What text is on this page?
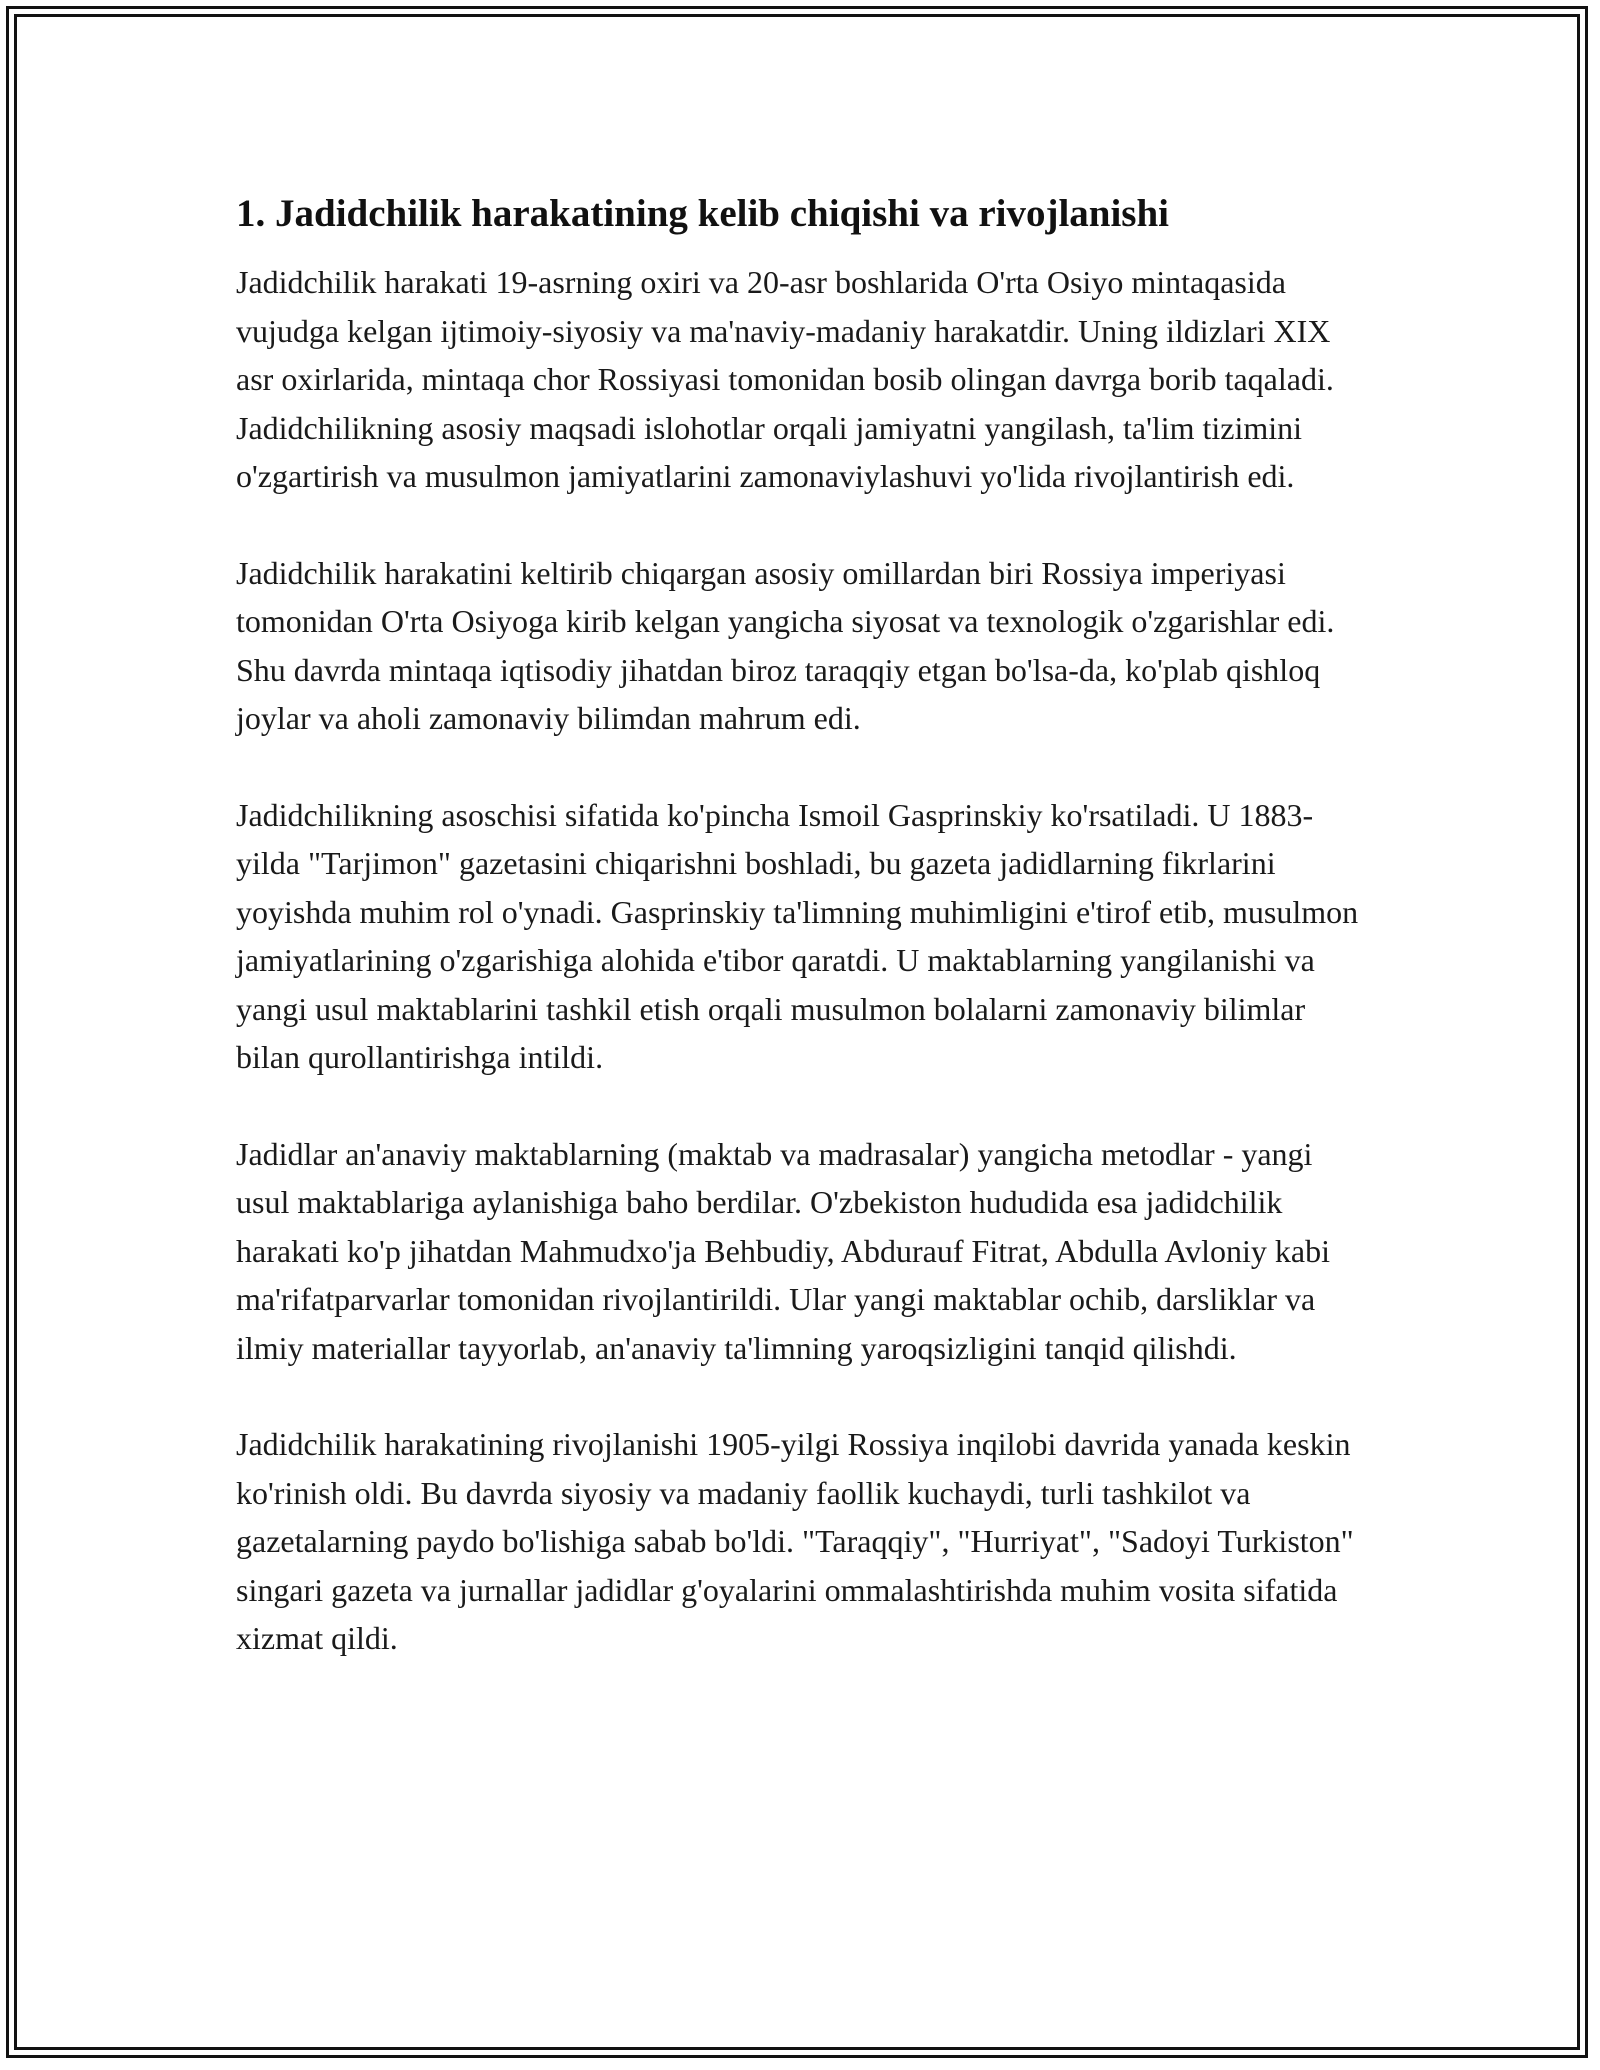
1. Jadidchilik harakatining kelib chiqishi va rivojlanishi

Jadidchilik harakati 19-asrning oxiri va 20-asr boshlarida O'rta Osiyo mintaqasida vujudga kelgan ijtimoiy-siyosiy va ma'naviy-madaniy harakatdir. Uning ildizlari XIX asr oxirlarida, mintaqa chor Rossiyasi tomonidan bosib olingan davrga borib taqaladi. Jadidchilikning asosiy maqsadi islohotlar orqali jamiyatni yangilash, ta'lim tizimini o'zgartirish va musulmon jamiyatlarini zamonaviylashuvi yo'lida rivojlantirish edi.

Jadidchilik harakatini keltirib chiqargan asosiy omillardan biri Rossiya imperiyasi tomonidan O'rta Osiyoga kirib kelgan yangicha siyosat va texnologik o'zgarishlar edi. Shu davrda mintaqa iqtisodiy jihatdan biroz taraqqiy etgan bo'lsa-da, ko'plab qishloq joylar va aholi zamonaviy bilimdan mahrum edi.

Jadidchilikning asoschisi sifatida ko'pincha Ismoil Gasprinskiy ko'rsatiladi. U 1883-yilda "Tarjimon" gazetasini chiqarishni boshladi, bu gazeta jadidlarning fikrlarini yoyishda muhim rol o'ynadi. Gasprinskiy ta'limning muhimligini e'tirof etib, musulmon jamiyatlarining o'zgarishiga alohida e'tibor qaratdi. U maktablarning yangilanishi va yangi usul maktablarini tashkil etish orqali musulmon bolalarni zamonaviy bilimlar bilan qurollantirishga intildi.

Jadidlar an'anaviy maktablarning (maktab va madrasalar) yangicha metodlar - yangi usul maktablariga aylanishiga baho berdilar. O'zbekiston hududida esa jadidchilik harakati ko'p jihatdan Mahmudxo'ja Behbudiy, Abdurauf Fitrat, Abdulla Avloniy kabi ma'rifatparvarlar tomonidan rivojlantirildi. Ular yangi maktablar ochib, darsliklar va ilmiy materiallar tayyorlab, an'anaviy ta'limning yaroqsizligini tanqid qilishdi.

Jadidchilik harakatining rivojlanishi 1905-yilgi Rossiya inqilobi davrida yanada keskin ko'rinish oldi. Bu davrda siyosiy va madaniy faollik kuchaydi, turli tashkilot va gazetalarning paydo bo'lishiga sabab bo'ldi. "Taraqqiy", "Hurriyat", "Sadoyi Turkiston" singari gazeta va jurnallar jadidlar g'oyalarini ommalashtirishda muhim vosita sifatida xizmat qildi.
